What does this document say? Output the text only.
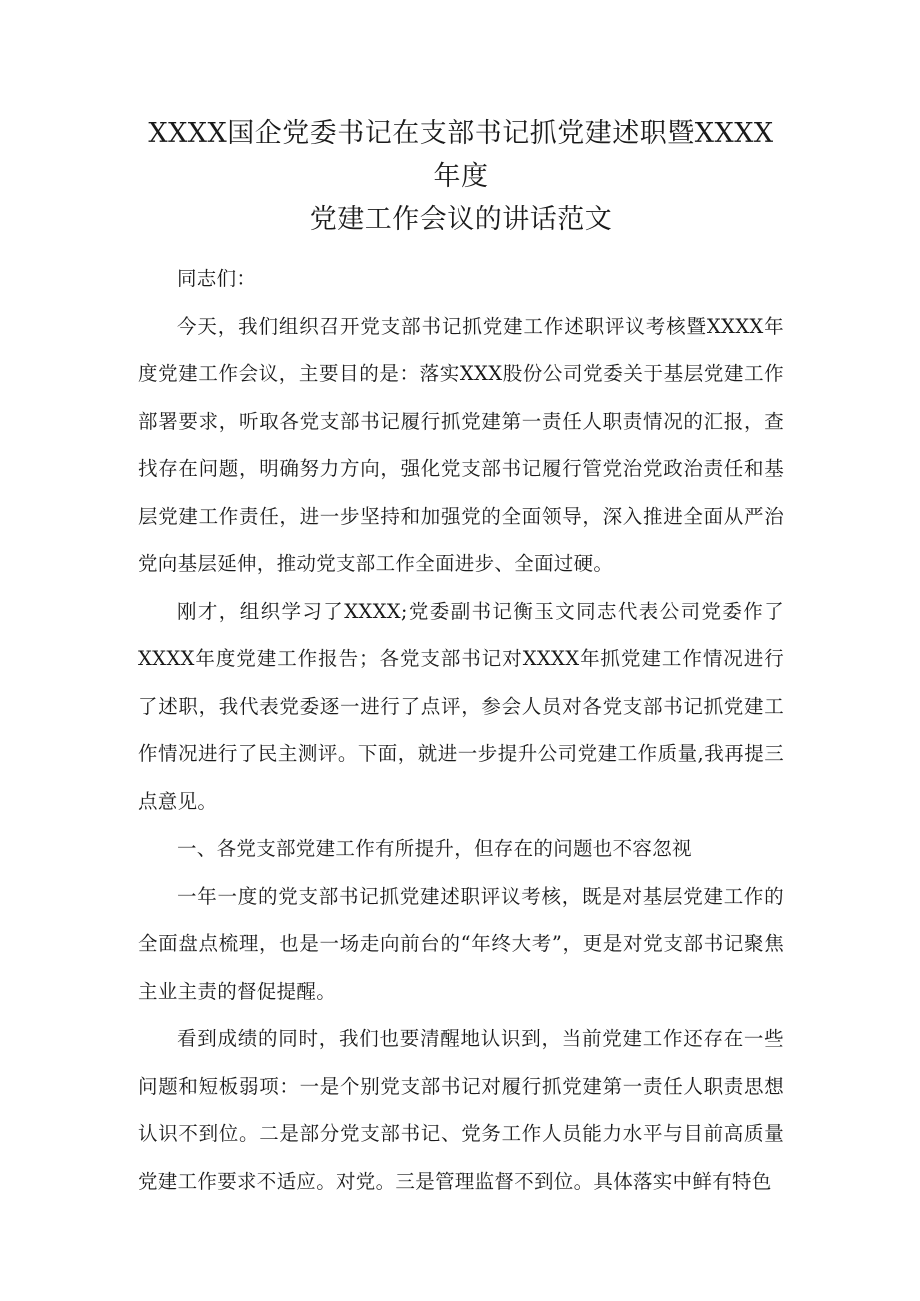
XXXX国企党委书记在支部书记抓党建述职暨XXXX年度
党建工作会议的讲话范文

同志们：

今天，我们组织召开党支部书记抓党建工作述职评议考核暨XXXX年度党建工作会议，主要目的是：落实XXX股份公司党委关于基层党建工作部署要求，听取各党支部书记履行抓党建第一责任人职责情况的汇报，查找存在问题，明确努力方向，强化党支部书记履行管党治党政治责任和基层党建工作责任，进一步坚持和加强党的全面领导，深入推进全面从严治党向基层延伸，推动党支部工作全面进步、全面过硬。

刚才，组织学习了XXXX;党委副书记衡玉文同志代表公司党委作了XXXX年度党建工作报告；各党支部书记对XXXX年抓党建工作情况进行了述职，我代表党委逐一进行了点评，参会人员对各党支部书记抓党建工作情况进行了民主测评。下面，就进一步提升公司党建工作质量,我再提三点意见。

一、各党支部党建工作有所提升，但存在的问题也不容忽视

一年一度的党支部书记抓党建述职评议考核，既是对基层党建工作的全面盘点梳理，也是一场走向前台的“年终大考”，更是对党支部书记聚焦主业主责的督促提醒。

看到成绩的同时，我们也要清醒地认识到，当前党建工作还存在一些问题和短板弱项：一是个别党支部书记对履行抓党建第一责任人职责思想认识不到位。二是部分党支部书记、党务工作人员能力水平与目前高质量党建工作要求不适应。对党。三是管理监督不到位。具体落实中鲜有特色
